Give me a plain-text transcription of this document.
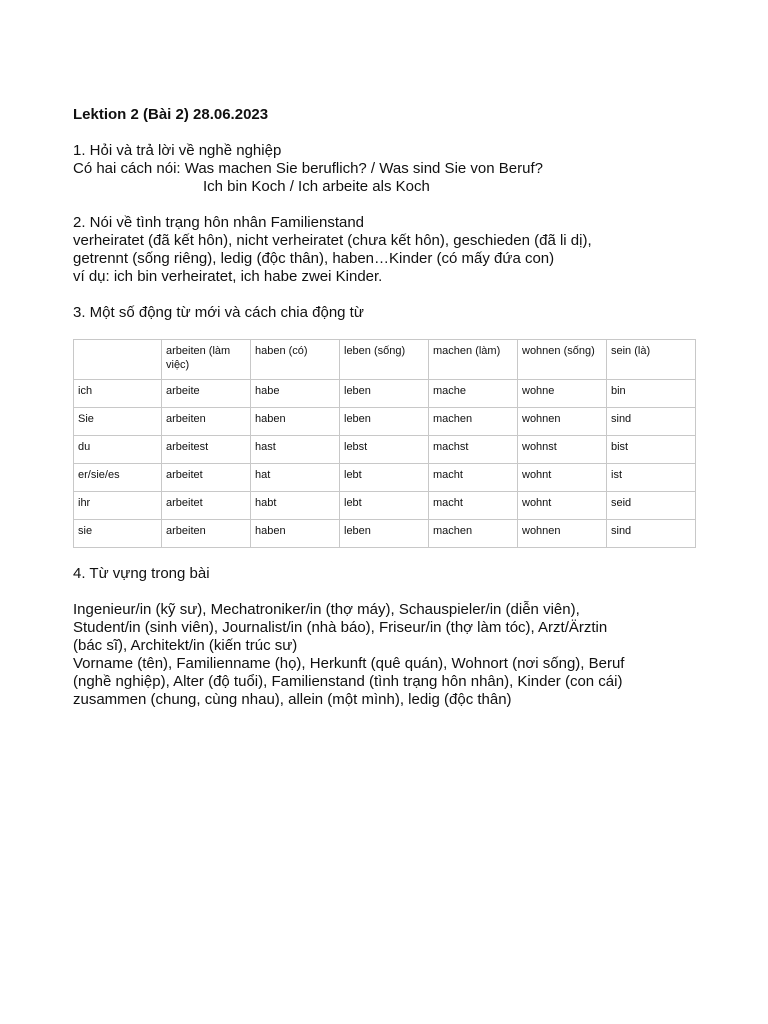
Lektion 2 (Bài 2) 28.06.2023
1. Hỏi và trả lời về nghề nghiệp
Có hai cách nói: Was machen Sie beruflich? / Was sind Sie von Beruf?
Ich bin Koch / Ich arbeite als Koch
2. Nói về tình trạng hôn nhân Familienstand
verheiratet (đã kết hôn), nicht verheiratet (chưa kết hôn), geschieden (đã li dị),
getrennt (sống riêng), ledig (độc thân), haben…Kinder (có mấy đứa con)
ví dụ: ich bin verheiratet, ich habe zwei Kinder.
3. Một số động từ mới và cách chia động từ
	arbeiten (làm việc)	haben (có)	leben (sống)	machen (làm)	wohnen (sống)	sein (là)
ich	arbeite	habe	leben	mache	wohne	bin
Sie	arbeiten	haben	leben	machen	wohnen	sind
du	arbeitest	hast	lebst	machst	wohnst	bist
er/sie/es	arbeitet	hat	lebt	macht	wohnt	ist
ihr	arbeitet	habt	lebt	macht	wohnt	seid
sie	arbeiten	haben	leben	machen	wohnen	sind
4. Từ vựng trong bài
Ingenieur/in (kỹ sư), Mechatroniker/in (thợ máy), Schauspieler/in (diễn viên),
Student/in (sinh viên), Journalist/in (nhà báo), Friseur/in (thợ làm tóc), Arzt/Ärztin
(bác sĩ), Architekt/in (kiến trúc sư)
Vorname (tên), Familienname (họ), Herkunft (quê quán), Wohnort (nơi sống), Beruf
(nghề nghiệp), Alter (độ tuổi), Familienstand (tình trạng hôn nhân), Kinder (con cái)
zusammen (chung, cùng nhau), allein (một mình), ledig (độc thân)
